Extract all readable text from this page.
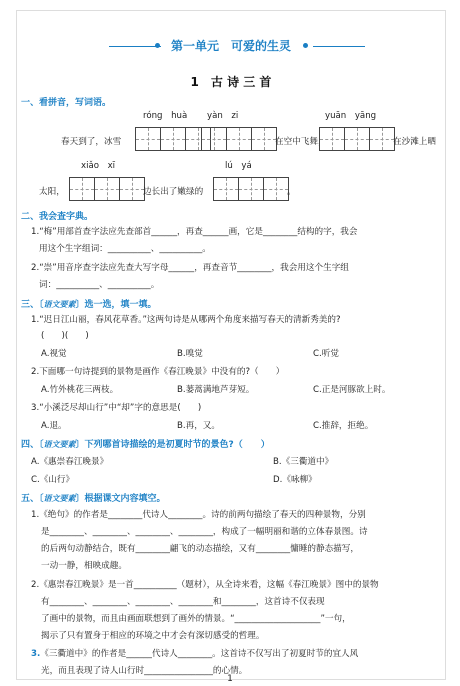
第一单元　可爱的生灵
1　古 诗 三 首
一、看拼音，写词语。
róng　huà yàn　zi	yuān　yāng
春天到了，冰雪	在空中飞舞，	在沙滩上晒
xiǎo　xī	lú　yá
太阳，	边长出了嫩绿的	。
二、我会查字典。
1.“梅”用部首查字法应先查部首______，再查______画，它是________结构的字，我会
用这个生字组词：__________、__________。
2.“崇”用音序查字法应先查大写字母______，再查音节________，我会用这个生字组
词：__________、__________。
三、〔语文要素〕选一选，填一填。
1.“迟日江山丽，春风花草香。”这两句诗是从哪两个角度来描写春天的清新秀美的?
(　　)(　　)
A.视觉	B.嗅觉	C.听觉
2.下面哪一句诗提到的景物是画作《春江晚景》中没有的?（　　）
A.竹外桃花三两枝。	B.蒌蒿满地芦芽短。	C.正是河豚欲上时。
3.“小溪泛尽却山行”中“却”字的意思是(　　)
A.退。	B.再，又。	C.推辞，拒绝。
四、〔语文要素〕下列哪首诗描绘的是初夏时节的景色?（　　）
A.《惠崇春江晚景》	B.《三衢道中》
C.《山行》	D.《咏柳》
五、〔语文要素〕根据课文内容填空。
1.《绝句》的作者是________代诗人________。诗的前两句描绘了春天的四种景物，分别
是________、________、________、________，构成了一幅明丽和谐的立体春景图。诗
的后两句动静结合，既有________翩飞的动态描绘，又有________慵睡的静态描写，
一动一静，相映成趣。
2.《惠崇春江晚景》是一首__________（题材），从全诗来看，这幅《春江晚景》图中的景物
有________、________、________、________和________，这首诗不仅表现
了画中的景物，而且由画面联想到了画外的情景。“____________________”一句，
揭示了只有置身于相应的环境之中才会有深切感受的哲理。
3.《三衢道中》的作者是______代诗人________。这首诗不仅写出了初夏时节的宜人风
光，而且表现了诗人山行时________________的心情。
1
